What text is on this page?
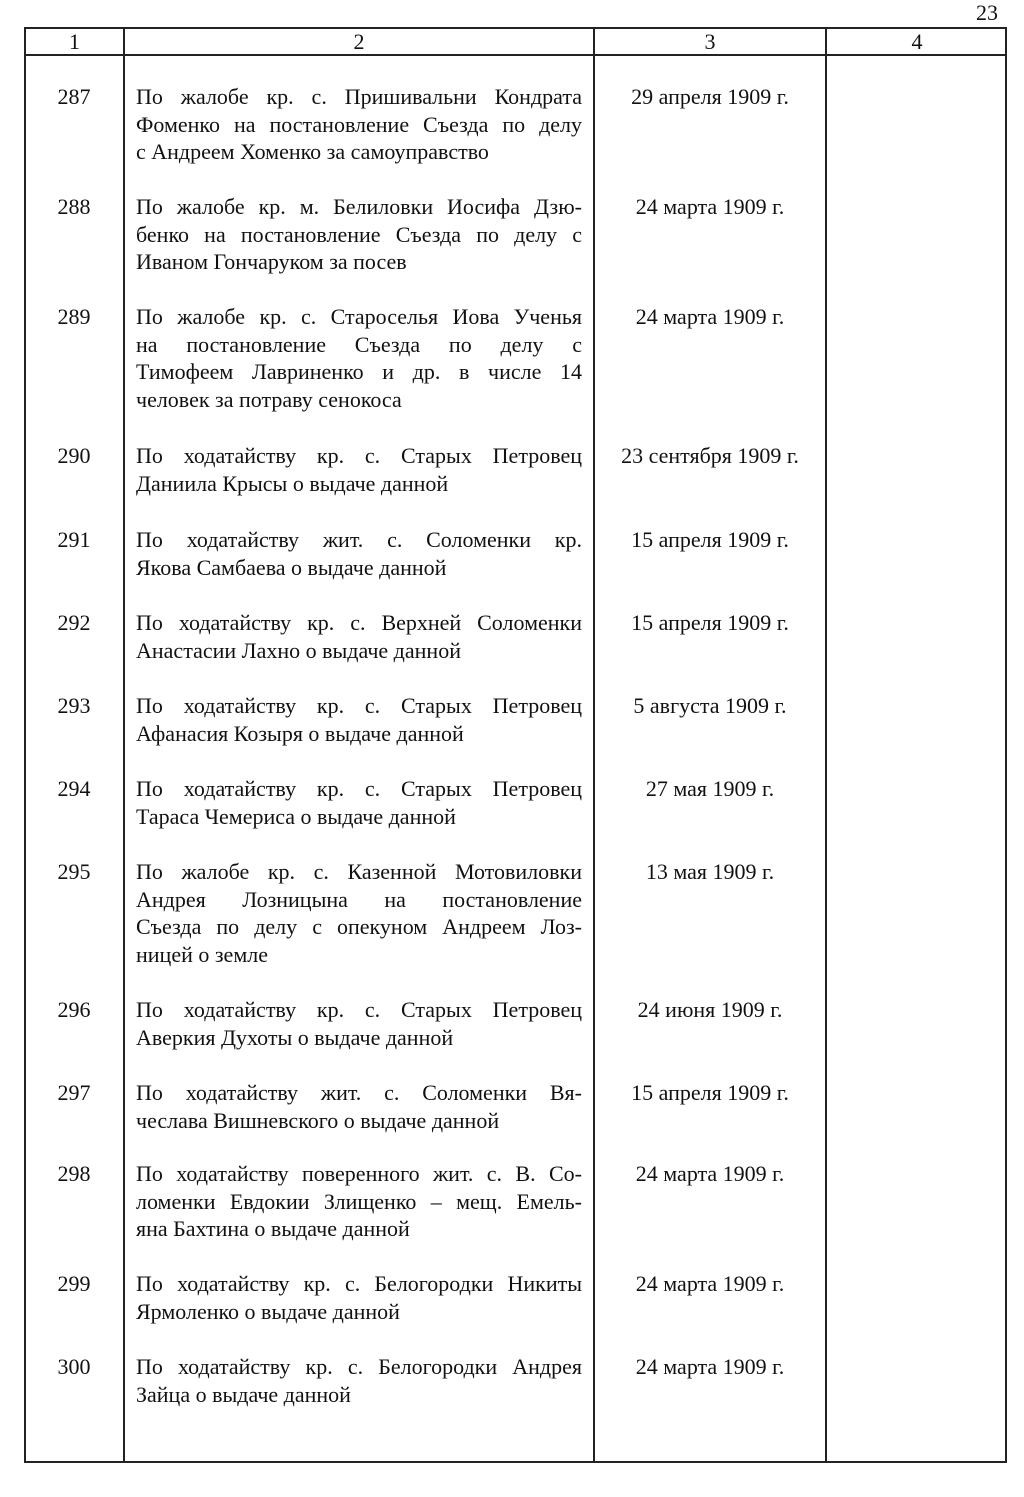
23
1	2	3	4
287	По жалобе кр. с. Пришивальни Кондрата
Фоменко на постановление Съезда по делу
с Андреем Хоменко за самоуправство
29 апреля 1909 г.
288	По жалобе кр. м. Белиловки Иосифа Дзю-
бенко на постановление Съезда по делу с
Иваном Гончаруком за посев
24 марта 1909 г.
289	По жалобе кр. с. Староселья Иова Ученья
на постановление Съезда по делу с
Тимофеем Лавриненко и др. в числе 14
человек за потраву сенокоса
24 марта 1909 г.
290	По ходатайству кр. с. Старых Петровец
Даниила Крысы о выдаче данной
23 сентября 1909 г.
291	По ходатайству жит. с. Соломенки кр.
Якова Самбаева о выдаче данной
15 апреля 1909 г.
292	По ходатайству кр. с. Верхней Соломенки
Анастасии Лахно о выдаче данной
15 апреля 1909 г.
293	По ходатайству кр. с. Старых Петровец
Афанасия Козыря о выдаче данной
5 августа 1909 г.
294	По ходатайству кр. с. Старых Петровец
Тараса Чемериса о выдаче данной
27 мая 1909 г.
295	По жалобе кр. с. Казенной Мотовиловки
Андрея Лозницына на постановление
Съезда по делу с опекуном Андреем Лоз-
ницей о земле
13 мая 1909 г.
296	По ходатайству кр. с. Старых Петровец
Аверкия Духоты о выдаче данной
24 июня 1909 г.
297	По ходатайству жит. с. Соломенки Вя-
чеслава Вишневского о выдаче данной
15 апреля 1909 г.
298	По ходатайству поверенного жит. с. В. Со-
ломенки Евдокии Злищенко – мещ. Емель-
яна Бахтина о выдаче данной
24 марта 1909 г.
299	По ходатайству кр. с. Белогородки Никиты
Ярмоленко о выдаче данной
24 марта 1909 г.
300	По ходатайству кр. с. Белогородки Андрея
Зайца о выдаче данной
24 марта 1909 г.
